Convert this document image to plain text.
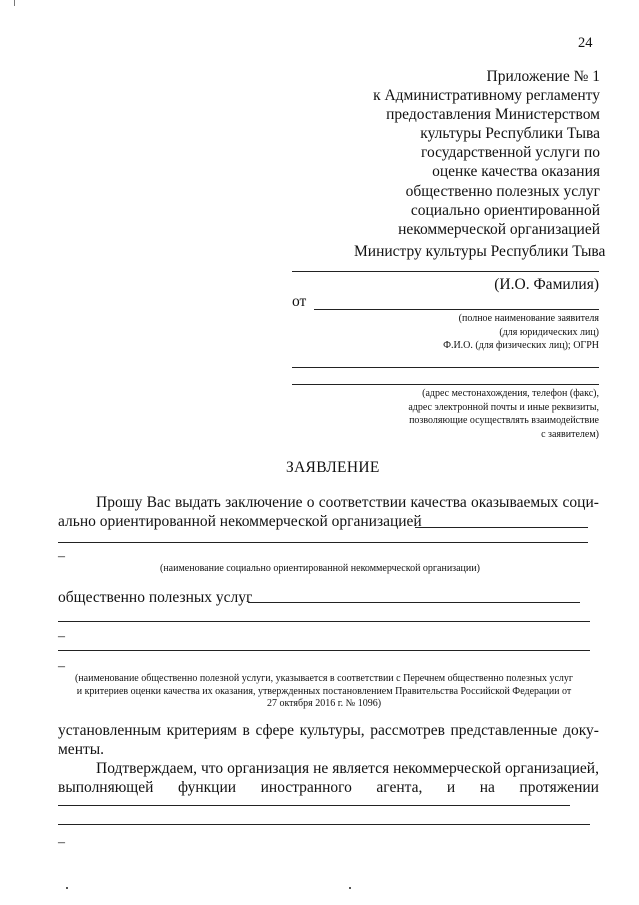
24
Приложение № 1
к Административному регламенту
предоставления Министерством
культуры Республики Тыва
государственной услуги по
оценке качества оказания
общественно полезных услуг
социально ориентированной
некоммерческой организацией
Министру культуры Республики Тыва
(И.О. Фамилия)
от
(полное наименование заявителя
(для юридических лиц)
Ф.И.О. (для физических лиц); ОГРН
(адрес местонахождения, телефон (факс),
адрес электронной почты и иные реквизиты,
позволяющие осуществлять взаимодействие
с заявителем)
ЗАЯВЛЕНИЕ
Прошу Вас выдать заключение о соответствии качества оказываемых соци-
ально ориентированной некоммерческой организацией
–
(наименование социально ориентированной некоммерческой организации)
общественно полезных услуг
–
–
(наименование общественно полезной услуги, указывается в соответствии с Перечнем общественно полезных услуг
и критериев оценки качества их оказания, утвержденных постановлением Правительства Российской Федерации от
27 октября 2016 г. № 1096)
установленным критериям в сфере культуры, рассмотрев представленные доку-
менты.
Подтверждаем, что организация не является некоммерческой организацией,
выполняющей функции иностранного агента, и на протяжении
–
